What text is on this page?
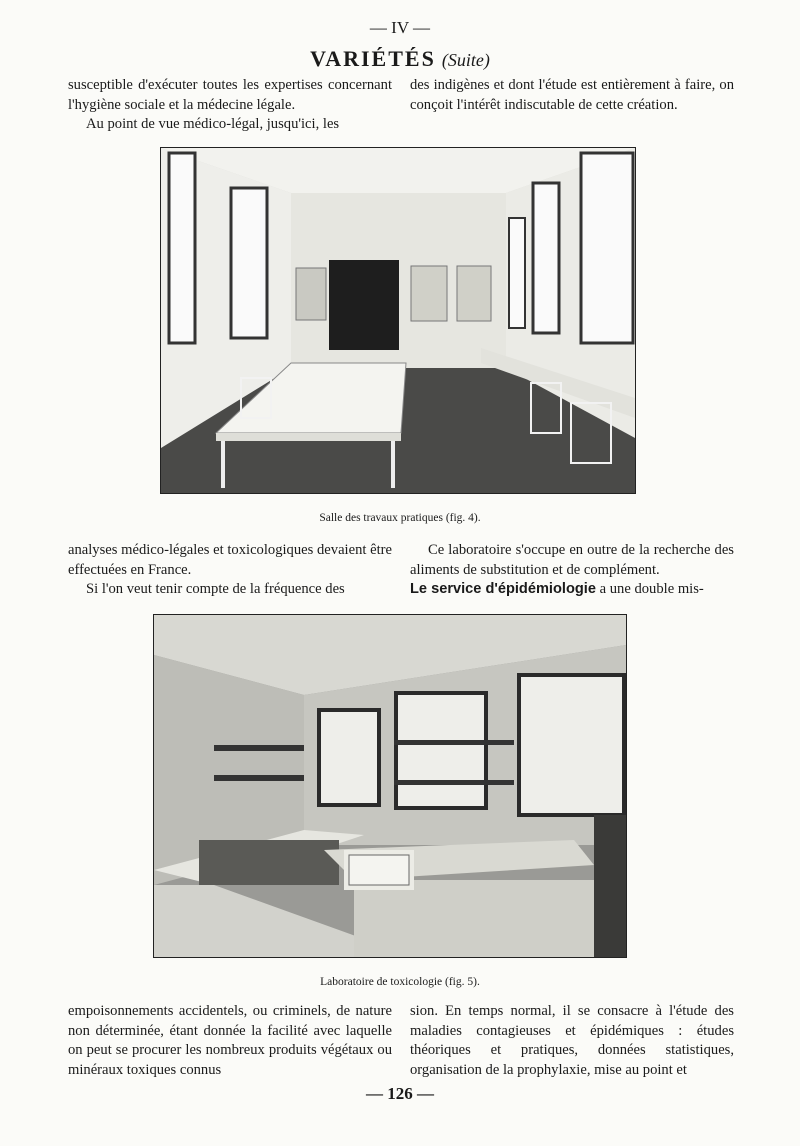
— IV —
VARIÉTÉS (Suite)

susceptible d'exécuter toutes les expertises concernant l'hygiène sociale et la médecine légale.

Au point de vue médico-légal, jusqu'ici, les

des indigènes et dont l'étude est entièrement à faire, on conçoit l'intérêt indiscutable de cette création.

Salle des travaux pratiques (fig. 4).

analyses médico-légales et toxicologiques devaient être effectuées en France.

Si l'on veut tenir compte de la fréquence des

Ce laboratoire s'occupe en outre de la recherche des aliments de substitution et de complément.

Le service d'épidémiologie a une double mis-

Laboratoire de toxicologie (fig. 5).

empoisonnements accidentels, ou criminels, de nature non déterminée, étant donnée la facilité avec laquelle on peut se procurer les nombreux produits végétaux ou minéraux toxiques connus

sion. En temps normal, il se consacre à l'étude des maladies contagieuses et épidémiques : études théoriques et pratiques, données statistiques, organisation de la prophylaxie, mise au point et

— 126 —
